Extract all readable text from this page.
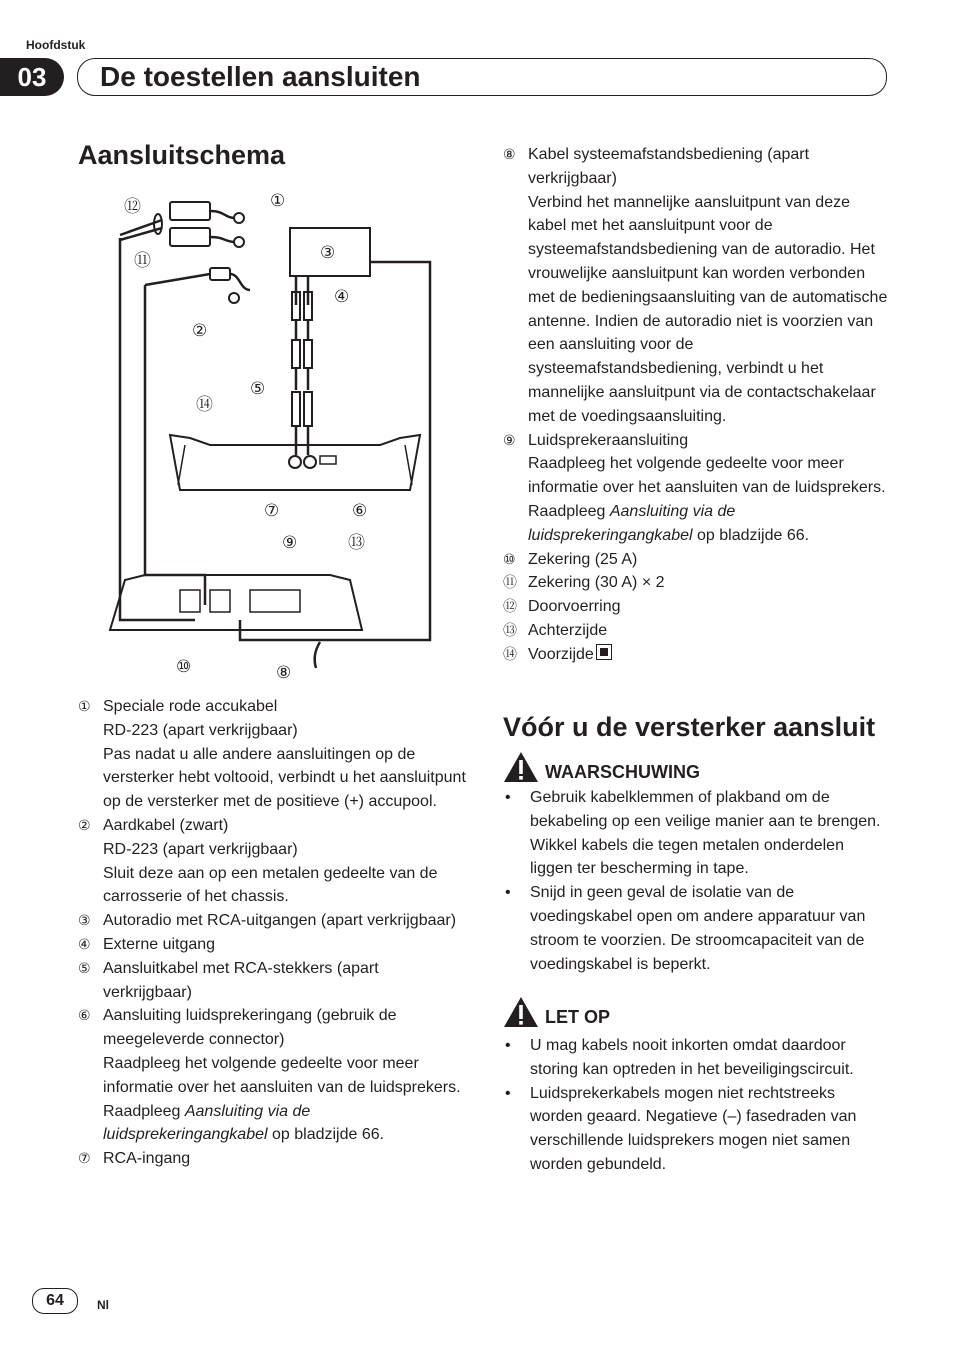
Hoofdstuk
03	De toestellen aansluiten
Aansluitschema
①
②
③
④
⑤
⑥
⑦
⑧
⑨
⑩
⑪
⑫
⑬
⑭
① Speciale rode accukabel

RD-223 (apart verkrijgbaar)

Pas nadat u alle andere aansluitingen op de versterker hebt voltooid, verbindt u het aansluitpunt op de versterker met de positieve (+) accupool.

② Aardkabel (zwart)

RD-223 (apart verkrijgbaar)

Sluit deze aan op een metalen gedeelte van de carrosserie of het chassis.

③ Autoradio met RCA-uitgangen (apart verkrijgbaar)

④ Externe uitgang

⑤ Aansluitkabel met RCA-stekkers (apart verkrijgbaar)

⑥ Aansluiting luidsprekeringang (gebruik de meegeleverde connector)

Raadpleeg het volgende gedeelte voor meer informatie over het aansluiten van de luidsprekers. Raadpleeg Aansluiting via de luidsprekeringangkabel op bladzijde 66.

⑦ RCA-ingang

⑧ Kabel systeemafstandsbediening (apart verkrijgbaar)

Verbind het mannelijke aansluitpunt van deze kabel met het aansluitpunt voor de systeemafstandsbediening van de autoradio. Het vrouwelijke aansluitpunt kan worden verbonden met de bedieningsaansluiting van de automatische antenne. Indien de autoradio niet is voorzien van een aansluiting voor de systeemafstandsbediening, verbindt u het mannelijke aansluitpunt via de contactschakelaar met de voedingsaansluiting.

⑨ Luidsprekeraansluiting

Raadpleeg het volgende gedeelte voor meer informatie over het aansluiten van de luidsprekers. Raadpleeg Aansluiting via de luidsprekeringangkabel op bladzijde 66.

⑩ Zekering (25 A)

⑪ Zekering (30 A) × 2

⑫ Doorvoerring

⑬ Achterzijde

⑭ Voorzijde

Vóór u de versterker aansluit
WAARSCHUWING
•	Gebruik kabelklemmen of plakband om de bekabeling op een veilige manier aan te brengen. Wikkel kabels die tegen metalen onderdelen liggen ter bescherming in tape.
•	Snijd in geen geval de isolatie van de voedingskabel open om andere apparatuur van stroom te voorzien. De stroomcapaciteit van de voedingskabel is beperkt.
LET OP
•	U mag kabels nooit inkorten omdat daardoor storing kan optreden in het beveiligingscircuit.
•	Luidsprekerkabels mogen niet rechtstreeks worden geaard. Negatieve (–) fasedraden van verschillende luidsprekers mogen niet samen worden gebundeld.
64	Nl
